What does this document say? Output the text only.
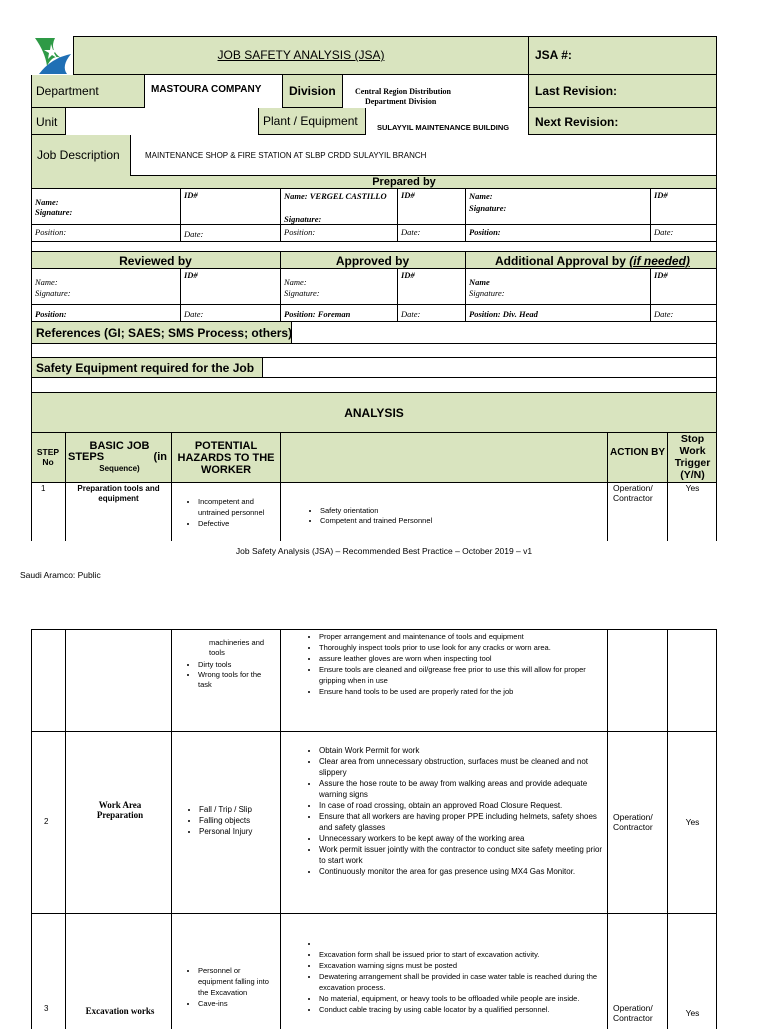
JOB SAFETY ANALYSIS (JSA)	JSA #:
Department	MASTOURA COMPANY Division Central Region Distribution
Department Division
Last Revision:
Unit	Plant / Equipment	SULAYYIL MAINTENANCE BUILDING Next Revision:
Job Description	MAINTENANCE SHOP & FIRE STATION AT SLBP CRDD SULAYYIL BRANCH
Prepared by
Name:
Signature:
ID#
Position:	Date:
Name: VERGEL CASTILLO
Signature:
ID#
Position:	Date:
Name:
Signature:
ID#
Position:	Date:
Reviewed by	Approved by	Additional Approval by (if needed)
Name:
Signature:
ID#
Position:	Date:
Name:
Signature:
ID#
Position: Foreman	Date:
Name
Signature:
ID#
Position: Div. Head	Date:
References (GI; SAES; SMS Process; others)
Safety Equipment required for the Job
ANALYSIS
STEP
No
BASIC JOB
STEPS	(in
Sequence)
POTENTIAL HAZARDS TO THE WORKER
ACTION BY
Stop Work Trigger (Y/N)
1	Preparation tools and equipment
•	Incompetent and untrained personnel
• Defective
• Safety orientation
• Competent and trained Personnel
Operation/ Contractor
Yes
Job Safety Analysis (JSA) – Recommended Best Practice – October 2019 – v1
Saudi Aramco: Public
machineries and tools
• Dirty tools
• Wrong tools for the task
• Proper arrangement and maintenance of tools and equipment
• Thoroughly inspect tools prior to use look for any cracks or worn area.
• assure leather gloves are worn when inspecting tool
• Ensure tools are cleaned and oil/grease free prior to use this will allow for proper gripping when in use
• Ensure hand tools to be used are properly rated for the job
2
Work Area Preparation
• Fall / Trip / Slip
• Falling objects
• Personal Injury
• Obtain Work Permit for work
• Clear area from unnecessary obstruction, surfaces must be cleaned and not slippery
• Assure the hose route to be away from walking areas and provide adequate warning signs
• In case of road crossing, obtain an approved Road Closure Request.
• Ensure that all workers are having proper PPE including helmets, safety shoes and safety glasses
• Unnecessary workers to be kept away of the working area
• Work permit issuer jointly with the contractor to conduct site safety meeting prior to start work
• Continuously monitor the area for gas presence using MX4 Gas Monitor.
Operation/ Contractor	Yes
3	Excavation works
• Personnel or equipment falling into the Excavation
• Cave-ins
•
• Excavation form shall be issued prior to start of excavation activity.
• Excavation warning signs must be posted
• Dewatering arrangement shall be provided in case water table is reached during the excavation process.
• No material, equipment, or heavy tools to be offloaded while people are inside.
• Conduct cable tracing by using cable locator by a qualified personnel.	Operation/ Contractor	Yes
